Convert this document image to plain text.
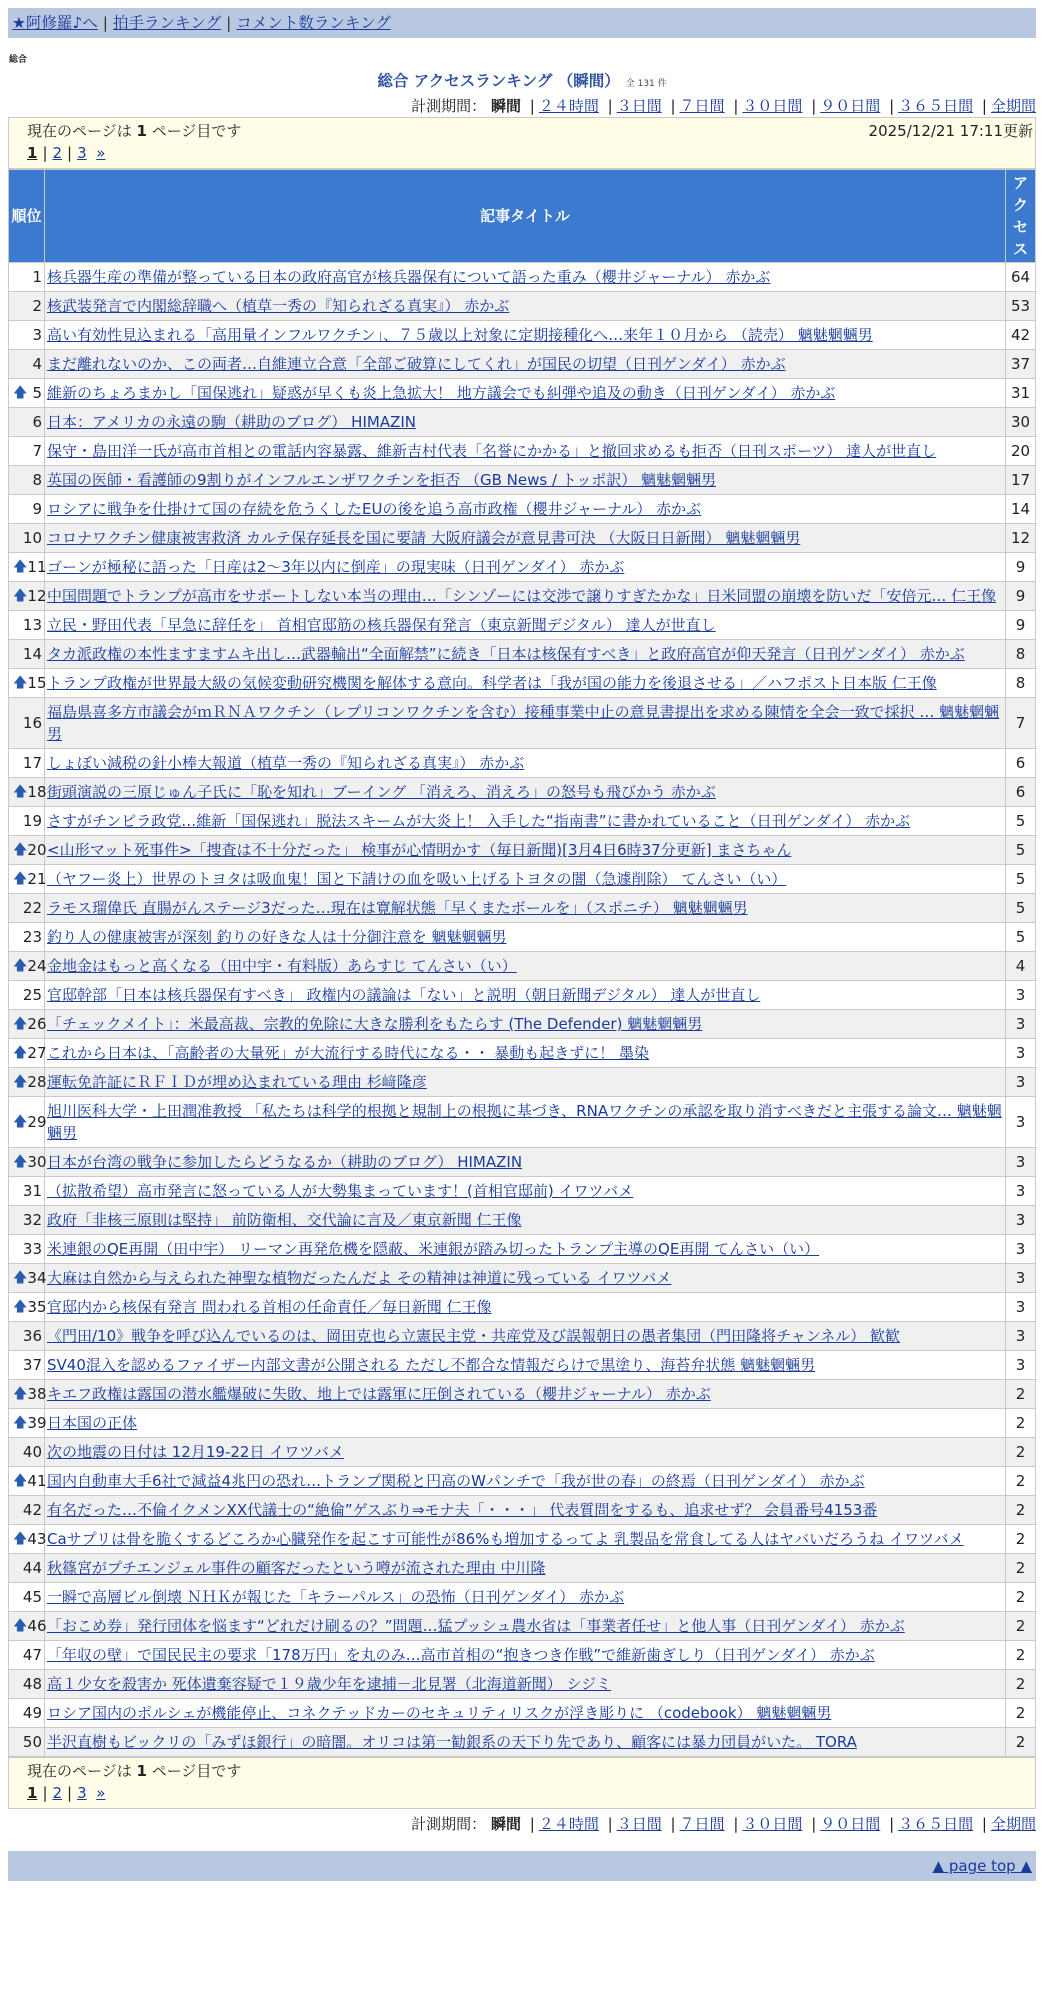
★阿修羅♪へ | 拍手ランキング | コメント数ランキング
総合
総合 アクセスランキング （瞬間） 全 131 件
計測期間： 瞬間 | ２４時間 | ３日間 | ７日間 | ３０日間 | ９０日間 | ３６５日間 | 全期間
現在のページは 1 ページ目です	2025/12/21 17:11更新
1 | 2 | 3 »
順位	記事タイトル	アクセス
1	核兵器生産の準備が整っている日本の政府高官が核兵器保有について語った重み（櫻井ジャーナル） 赤かぶ	64
2	核武装発言で内閣総辞職へ（植草一秀の『知られざる真実』） 赤かぶ	53
3	高い有効性見込まれる「高用量インフルワクチン」、７５歳以上対象に定期接種化へ…来年１０月から （読売） 魑魅魍魎男	42
4	まだ離れないのか、この両者…自維連立合意「全部ご破算にしてくれ」が国民の切望（日刊ゲンダイ） 赤かぶ	37

🡅 5	維新のちょろまかし「国保逃れ」疑惑が早くも炎上急拡大！ 地方議会でも糾弾や追及の動き（日刊ゲンダイ） 赤かぶ	31
6	日本：アメリカの永遠の駒（耕助のブログ） HIMAZIN	30
7	保守・島田洋一氏が高市首相との電話内容暴露、維新吉村代表「名誉にかかる」と撤回求めるも拒否（日刊スポーツ） 達人が世直し	20
8	英国の医師・看護師の9割りがインフルエンザワクチンを拒否 （GB News / トッポ訳） 魑魅魍魎男	17
9	ロシアに戦争を仕掛けて国の存続を危うくしたEUの後を追う高市政権（櫻井ジャーナル） 赤かぶ	14
10	コロナワクチン健康被害救済 カルテ保存延長を国に要請 大阪府議会が意見書可決 （大阪日日新聞） 魑魅魍魎男	12

🡅 11	ゴーンが極秘に語った「日産は2～3年以内に倒産」の現実味（日刊ゲンダイ） 赤かぶ	9

🡅 12	中国問題でトランプが高市をサポートしない本当の理由…「シンゾーには交渉で譲りすぎたかな」日米同盟の崩壊を防いだ「安倍元… 仁王像	9
13	立民・野田代表「早急に辞任を」 首相官邸筋の核兵器保有発言（東京新聞デジタル） 達人が世直し	9
14	タカ派政権の本性ますますムキ出し…武器輸出“全面解禁”に続き「日本は核保有すべき」と政府高官が仰天発言（日刊ゲンダイ） 赤かぶ	8

🡅 15	トランプ政権が世界最大級の気候変動研究機関を解体する意向。科学者は「我が国の能力を後退させる」／ハフポスト日本版 仁王像	8
16	福島県喜多方市議会がｍＲＮＡワクチン（レプリコンワクチンを含む）接種事業中止の意見書提出を求める陳情を全会一致で採択 … 魑魅魍魎男	7
17	しょぼい減税の針小棒大報道（植草一秀の『知られざる真実』） 赤かぶ	6

🡅 18	街頭演説の三原じゅん子氏に「恥を知れ」ブーイング 「消えろ、消えろ」の怒号も飛びかう 赤かぶ	6
19	さすがチンピラ政党…維新「国保逃れ」脱法スキームが大炎上！ 入手した“指南書”に書かれていること（日刊ゲンダイ） 赤かぶ	5

🡅 20	<山形マット死事件>「捜査は不十分だった」 検事が心情明かす（毎日新聞)[3月4日6時37分更新] まさちゃん	5

🡅 21	（ヤフー炎上）世界のトヨタは吸血鬼！国と下請けの血を吸い上げるトヨタの闇（急遽削除） てんさい（い）	5
22	ラモス瑠偉氏 直腸がんステージ3だった…現在は寛解状態「早くまたボールを」（スポニチ） 魑魅魍魎男	5
23	釣り人の健康被害が深刻 釣りの好きな人は十分御注意を 魑魅魍魎男	5

🡅 24	金地金はもっと高くなる（田中宇・有料版）あらすじ てんさい（い）	4
25	官邸幹部「日本は核兵器保有すべき」 政権内の議論は「ない」と説明（朝日新聞デジタル） 達人が世直し	3

🡅 26	「チェックメイト」：米最高裁、宗教的免除に大きな勝利をもたらす (The Defender) 魑魅魍魎男	3

🡅 27	これから日本は、「高齢者の大量死」が大流行する時代になる・・ 暴動も起きずに！ 墨染	3

🡅 28	運転免許証にＲＦＩＤが埋め込まれている理由 杉﨑隆彦	3

🡅 29	旭川医科大学・上田潤准教授 「私たちは科学的根拠と規制上の根拠に基づき、RNAワクチンの承認を取り消すべきだと主張する論文… 魑魅魍魎男	3

🡅 30	日本が台湾の戦争に参加したらどうなるか（耕助のブログ） HIMAZIN	3
31	（拡散希望）高市発言に怒っている人が大勢集まっています！(首相官邸前) イワツバメ	3
32	政府「非核三原則は堅持」 前防衛相、交代論に言及／東京新聞 仁王像	3
33	米連銀のQE再開（田中宇） リーマン再発危機を隠蔽、米連銀が踏み切ったトランプ主導のQE再開 てんさい（い）	3

🡅 34	大麻は自然から与えられた神聖な植物だったんだよ その精神は神道に残っている イワツバメ	3

🡅 35	官邸内から核保有発言 問われる首相の任命責任／毎日新聞 仁王像	3
36	《門田/10》戦争を呼び込んでいるのは、岡田克也ら立憲民主党・共産党及び誤報朝日の愚者集団（門田隆将チャンネル） 歓歓	3
37	SV40混入を認めるファイザー内部文書が公開される ただし不都合な情報だらけで黒塗り、海苔弁状態 魑魅魍魎男	3

🡅 38	キエフ政権は露国の潜水艦爆破に失敗、地上では露軍に圧倒されている（櫻井ジャーナル） 赤かぶ	2

🡅 39	日本国の正体	2
40	次の地震の日付は 12月19-22日 イワツバメ	2

🡅 41	国内自動車大手6社で減益4兆円の恐れ…トランプ関税と円高のWパンチで「我が世の春」の終焉（日刊ゲンダイ） 赤かぶ	2
42	有名だった…不倫イクメンXX代議士の“絶倫”ゲスぶり⇒モナ夫「・・・」 代表質問をするも、追求せず？ 会員番号4153番	2

🡅 43	Caサプリは骨を脆くするどころか心臓発作を起こす可能性が86%も増加するってよ 乳製品を常食してる人はヤバいだろうね イワツバメ	2
44	秋篠宮がプチエンジェル事件の顧客だったという噂が流された理由 中川隆	2
45	一瞬で高層ビル倒壊 ＮＨＫが報じた「キラーパルス」の恐怖（日刊ゲンダイ） 赤かぶ	2

🡅 46	「おこめ券」発行団体を悩ます“どれだけ刷るの？”問題…猛プッシュ農水省は「事業者任せ」と他人事（日刊ゲンダイ） 赤かぶ	2
47	「年収の壁」で国民民主の要求「178万円」を丸のみ…高市首相の“抱きつき作戦”で維新歯ぎしり（日刊ゲンダイ） 赤かぶ	2
48	高１少女を殺害か 死体遺棄容疑で１９歳少年を逮捕－北見署（北海道新聞） シジミ	2
49	ロシア国内のポルシェが機能停止、コネクテッドカーのセキュリティリスクが浮き彫りに （codebook） 魑魅魍魎男	2
50	半沢直樹もビックリの「みずほ銀行」の暗闇。オリコは第一勧銀系の天下り先であり、顧客には暴力団員がいた。 TORA	2
現在のページは 1 ページ目です
1 | 2 | 3 »
計測期間： 瞬間 | ２４時間 | ３日間 | ７日間 | ３０日間 | ９０日間 | ３６５日間 | 全期間
▲ page top ▲
